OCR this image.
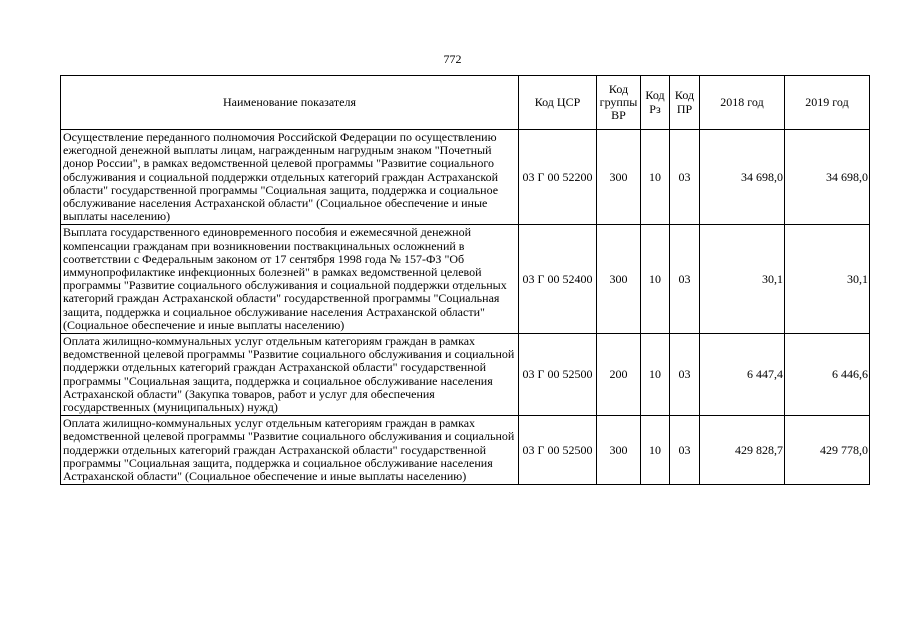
772
Наименование показателя	Код ЦСР	Код группы ВР	Код Рз	Код ПР	2018 год	2019 год
Осуществление переданного полномочия Российской Федерации по осуществлению ежегодной денежной выплаты лицам, награжденным нагрудным знаком "Почетный донор России", в рамках ведомственной целевой программы "Развитие социального обслуживания и социальной поддержки отдельных категорий граждан Астраханской области" государственной программы "Социальная защита, поддержка и социальное обслуживание населения Астраханской области" (Социальное обеспечение и иные выплаты населению)	03 Г 00 52200	300	10	03	34 698,0	34 698,0
Выплата государственного единовременного пособия и ежемесячной денежной компенсации гражданам при возникновении поствакцинальных осложнений в соответствии с Федеральным законом от 17 сентября 1998 года № 157-ФЗ "Об иммунопрофилактике инфекционных болезней" в рамках ведомственной целевой программы "Развитие социального обслуживания и социальной поддержки отдельных категорий граждан Астраханской области" государственной программы "Социальная защита, поддержка и социальное обслуживание населения Астраханской области" (Социальное обеспечение и иные выплаты населению)	03 Г 00 52400	300	10	03	30,1	30,1
Оплата жилищно-коммунальных услуг отдельным категориям граждан в рамках ведомственной целевой программы "Развитие социального обслуживания и социальной поддержки отдельных категорий граждан Астраханской области" государственной программы "Социальная защита, поддержка и социальное обслуживание населения Астраханской области" (Закупка товаров, работ и услуг для обеспечения государственных (муниципальных) нужд)	03 Г 00 52500	200	10	03	6 447,4	6 446,6
Оплата жилищно-коммунальных услуг отдельным категориям граждан в рамках ведомственной целевой программы "Развитие социального обслуживания и социальной поддержки отдельных категорий граждан Астраханской области" государственной программы "Социальная защита, поддержка и социальное обслуживание населения Астраханской области" (Социальное обеспечение и иные выплаты населению)	03 Г 00 52500	300	10	03	429 828,7	429 778,0
